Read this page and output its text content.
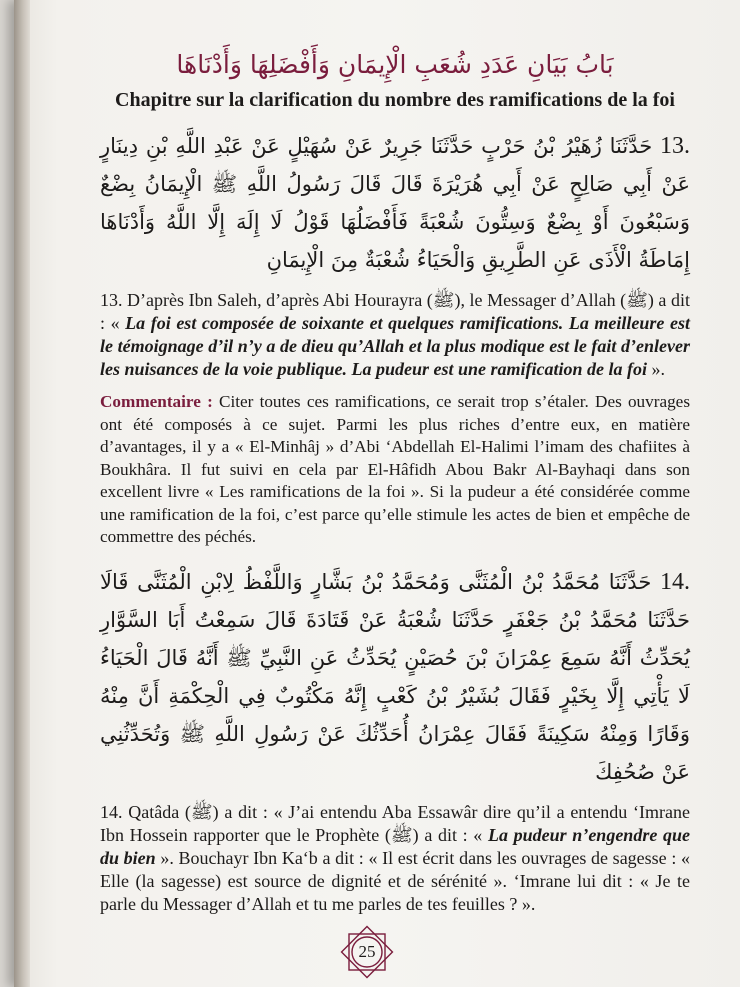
بَابُ بَيَانِ عَدَدِ شُعَبِ الْإِيمَانِ وَأَفْضَلِهَا وَأَدْنَاهَا
Chapitre sur la clarification du nombre des ramifications de la foi
13. حَدَّثَنَا زُهَيْرُ بْنُ حَرْبٍ حَدَّثَنَا جَرِيرٌ عَنْ سُهَيْلٍ عَنْ عَبْدِ اللَّهِ بْنِ دِينَارٍ عَنْ أَبِي صَالِحٍ عَنْ أَبِي هُرَيْرَةَ قَالَ قَالَ رَسُولُ اللَّهِ ﷺ الْإِيمَانُ بِضْعٌ وَسَبْعُونَ أَوْ بِضْعٌ وَسِتُّونَ شُعْبَةً فَأَفْضَلُهَا قَوْلُ لَا إِلَهَ إِلَّا اللَّهُ وَأَدْنَاهَا إِمَاطَةُ الْأَذَى عَنِ الطَّرِيقِ وَالْحَيَاءُ شُعْبَةٌ مِنَ الْإِيمَانِ

13. D’après Ibn Saleh, d’après Abi Hourayra (ﷺ), le Messager d’Allah (ﷺ) a dit : « La foi est composée de soixante et quelques ramifications. La meilleure est le témoignage d’il n’y a de dieu qu’Allah et la plus modique est le fait d’enlever les nuisances de la voie publique. La pudeur est une ramification de la foi ».

Commentaire : Citer toutes ces ramifications, ce serait trop s’étaler. Des ouvrages ont été composés à ce sujet. Parmi les plus riches d’entre eux, en matière d’avantages, il y a « El-Minhâj » d’Abi ‘Abdellah El-Halimi l’imam des chafiites à Boukhâra. Il fut suivi en cela par El-Hâfidh Abou Bakr Al-Bayhaqi dans son excellent livre « Les ramifications de la foi ». Si la pudeur a été considérée comme une ramification de la foi, c’est parce qu’elle stimule les actes de bien et empêche de commettre des péchés.

14. حَدَّثَنَا مُحَمَّدُ بْنُ الْمُثَنَّى وَمُحَمَّدُ بْنُ بَشَّارٍ وَاللَّفْظُ لِابْنِ الْمُثَنَّى قَالَا حَدَّثَنَا مُحَمَّدُ بْنُ جَعْفَرٍ حَدَّثَنَا شُعْبَةُ عَنْ قَتَادَةَ قَالَ سَمِعْتُ أَبَا السَّوَّارِ يُحَدِّثُ أَنَّهُ سَمِعَ عِمْرَانَ بْنَ حُصَيْنٍ يُحَدِّثُ عَنِ النَّبِيِّ ﷺ أَنَّهُ قَالَ الْحَيَاءُ لَا يَأْتِي إِلَّا بِخَيْرٍ فَقَالَ بُشَيْرُ بْنُ كَعْبٍ إِنَّهُ مَكْتُوبٌ فِي الْحِكْمَةِ أَنَّ مِنْهُ وَقَارًا وَمِنْهُ سَكِينَةً فَقَالَ عِمْرَانُ أُحَدِّثُكَ عَنْ رَسُولِ اللَّهِ ﷺ وَتُحَدِّثُنِي عَنْ صُحُفِكَ

14. Qatâda (ﷺ) a dit : « J’ai entendu Aba Essawâr dire qu’il a entendu ‘Imrane Ibn Hossein rapporter que le Prophète (ﷺ) a dit : « La pudeur n’engendre que du bien ». Bouchayr Ibn Ka‘b a dit : « Il est écrit dans les ouvrages de sagesse : « Elle (la sagesse) est source de dignité et de sérénité ». ‘Imrane lui dit : « Je te parle du Messager d’Allah et tu me parles de tes feuilles ? ».

25
